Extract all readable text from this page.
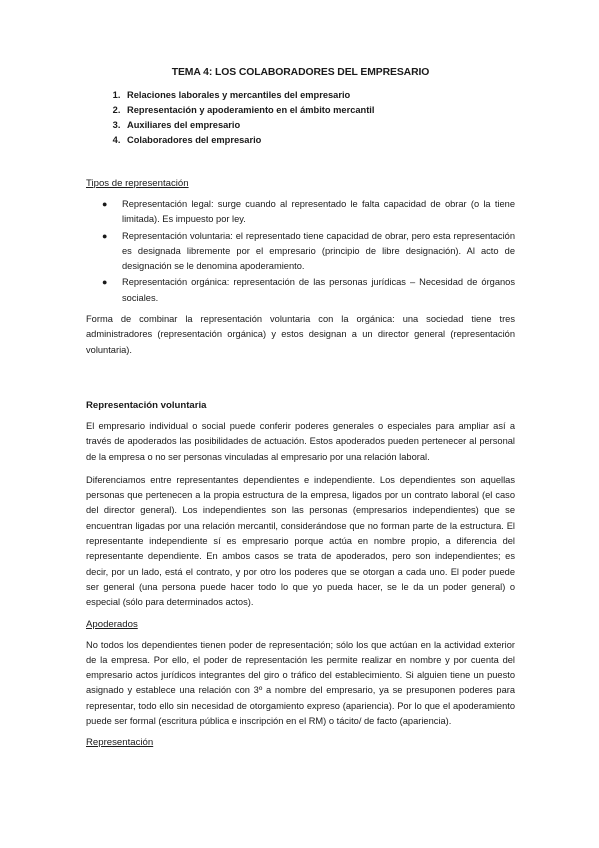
TEMA 4: LOS COLABORADORES DEL EMPRESARIO
1. Relaciones laborales y mercantiles del empresario
2. Representación y apoderamiento en el ámbito mercantil
3. Auxiliares del empresario
4. Colaboradores del empresario
Tipos de representación
● Representación legal: surge cuando al representado le falta capacidad de obrar (o la tiene limitada). Es impuesto por ley.
● Representación voluntaria: el representado tiene capacidad de obrar, pero esta representación es designada libremente por el empresario (principio de libre designación). Al acto de designación se le denomina apoderamiento.
● Representación orgánica: representación de las personas jurídicas – Necesidad de órganos sociales.

Forma de combinar la representación voluntaria con la orgánica: una sociedad tiene tres administradores (representación orgánica) y estos designan a un director general (representación voluntaria).

Representación voluntaria

El empresario individual o social puede conferir poderes generales o especiales para ampliar así a través de apoderados las posibilidades de actuación. Estos apoderados pueden pertenecer al personal de la empresa o no ser personas vinculadas al empresario por una relación laboral.

Diferenciamos entre representantes dependientes e independiente. Los dependientes son aquellas personas que pertenecen a la propia estructura de la empresa, ligados por un contrato laboral (el caso del director general). Los independientes son las personas (empresarios independientes) que se encuentran ligadas por una relación mercantil, considerándose que no forman parte de la estructura. El representante independiente sí es empresario porque actúa en nombre propio, a diferencia del representante dependiente. En ambos casos se trata de apoderados, pero son independientes; es decir, por un lado, está el contrato, y por otro los poderes que se otorgan a cada uno. El poder puede ser general (una persona puede hacer todo lo que yo pueda hacer, se le da un poder general) o especial (sólo para determinados actos).

Apoderados

No todos los dependientes tienen poder de representación; sólo los que actúan en la actividad exterior de la empresa. Por ello, el poder de representación les permite realizar en nombre y por cuenta del empresario actos jurídicos integrantes del giro o tráfico del establecimiento. Si alguien tiene un puesto asignado y establece una relación con 3º a nombre del empresario, ya se presuponen poderes para representar, todo ello sin necesidad de otorgamiento expreso (apariencia). Por lo que el apoderamiento puede ser formal (escritura pública e inscripción en el RM) o tácito/ de facto (apariencia).

Representación
